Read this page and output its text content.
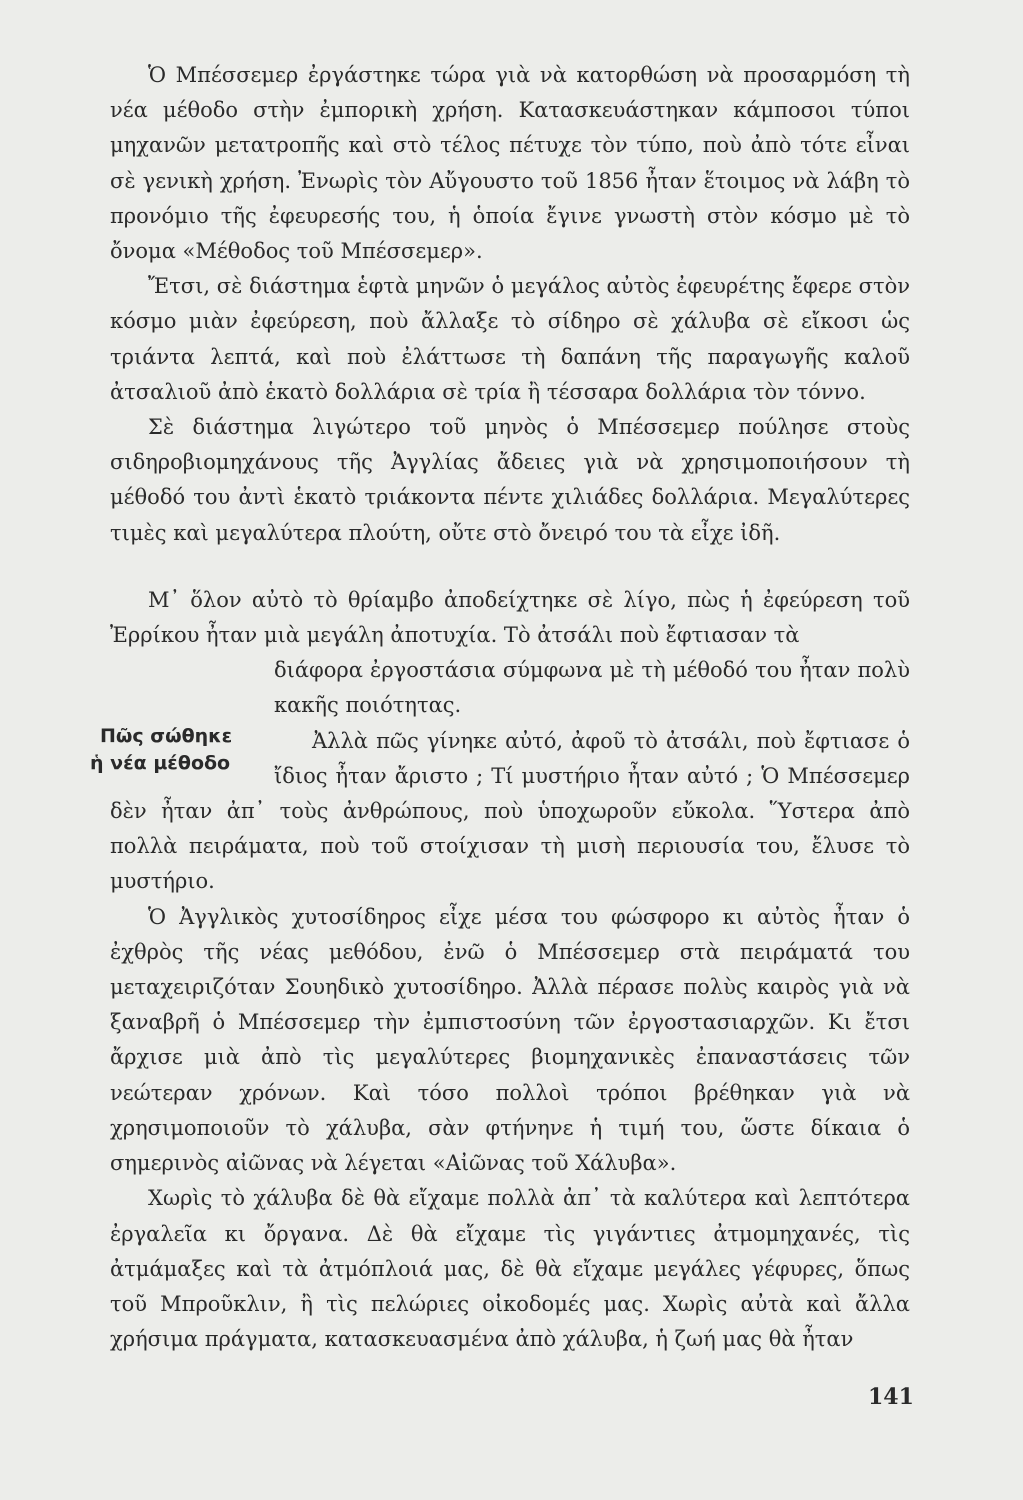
Ὁ Μπέσσεμερ ἐργάστηκε τώρα γιὰ νὰ κατορθώση νὰ προσαρμόση τὴ νέα μέθοδο στὴν ἐμπορικὴ χρήση. Κατασκευάστηκαν κάμποσοι τύποι μηχανῶν μετατροπῆς καὶ στὸ τέλος πέτυχε τὸν τύπο, ποὺ ἀπὸ τότε εἶναι σὲ γενικὴ χρήση. Ἐνωρὶς τὸν Αὔγουστο τοῦ 1856 ἦταν ἕτοιμος νὰ λάβη τὸ προνόμιο τῆς ἐφευρεσής του, ἡ ὁποία ἔγινε γνωστὴ στὸν κόσμο μὲ τὸ ὄνομα «Μέθοδος τοῦ Μπέσσεμερ».

Ἔτσι, σὲ διάστημα ἑφτὰ μηνῶν ὁ μεγάλος αὐτὸς ἐφευρέτης ἔφερε στὸν κόσμο μιὰν ἐφεύρεση, ποὺ ἄλλαξε τὸ σίδηρο σὲ χάλυβα σὲ εἴκοσι ὡς τριάντα λεπτά, καὶ ποὺ ἐλάττωσε τὴ δαπάνη τῆς παραγωγῆς καλοῦ ἀτσαλιοῦ ἀπὸ ἑκατὸ δολλάρια σὲ τρία ἢ τέσσαρα δολλάρια τὸν τόννο.

Σὲ διάστημα λιγώτερο τοῦ μηνὸς ὁ Μπέσσεμερ πούλησε στοὺς σιδηροβιομηχάνους τῆς Ἀγγλίας ἄδειες γιὰ νὰ χρησιμοποιήσουν τὴ μέθοδό του ἀντὶ ἑκατὸ τριάκοντα πέντε χιλιάδες δολλάρια. Μεγαλύτερες τιμὲς καὶ μεγαλύτερα πλούτη, οὔτε στὸ ὄνειρό του τὰ εἶχε ἰδῆ.

Μ᾿ ὅλον αὐτὸ τὸ θρίαμβο ἀποδείχτηκε σὲ λίγο, πὼς ἡ ἐφεύρεση τοῦ Ἐρρίκου ἦταν μιὰ μεγάλη ἀποτυχία. Τὸ ἀτσάλι ποὺ ἔφτιασαν τὰ

Πῶς σώθηκε
ἡ νέα μέθοδο

διάφορα ἐργοστάσια σύμφωνα μὲ τὴ μέθοδό του ἦταν πολὺ κακῆς ποιότητας.

Ἀλλὰ πῶς γίνηκε αὐτό, ἀφοῦ τὸ ἀτσάλι, ποὺ ἔφτιασε ὁ ἴδιος ἦταν ἄριστο ; Τί μυστήριο ἦταν αὐτό ; Ὁ Μπέσσεμερ δὲν ἦταν ἀπ᾿ τοὺς ἀνθρώπους, ποὺ ὑποχωροῦν εὔκολα. Ὕστερα ἀπὸ πολλὰ πειράματα, ποὺ τοῦ στοίχισαν τὴ μισὴ περιουσία του, ἔλυσε τὸ μυστήριο.

Ὁ Ἀγγλικὸς χυτοσίδηρος εἶχε μέσα του φώσφορο κι αὐτὸς ἦταν ὁ ἐχθρὸς τῆς νέας μεθόδου, ἐνῶ ὁ Μπέσσεμερ στὰ πειράματά του μεταχειριζόταν Σουηδικὸ χυτοσίδηρο. Ἀλλὰ πέρασε πολὺς καιρὸς γιὰ νὰ ξαναβρῆ ὁ Μπέσσεμερ τὴν ἐμπιστοσύνη τῶν ἐργοστασιαρχῶν. Κι ἔτσι ἄρχισε μιὰ ἀπὸ τὶς μεγαλύτερες βιομηχανικὲς ἐπαναστάσεις τῶν νεώτεραν χρόνων. Καὶ τόσο πολλοὶ τρόποι βρέθηκαν γιὰ νὰ χρησιμοποιοῦν τὸ χάλυβα, σὰν φτήνηνε ἡ τιμή του, ὥστε δίκαια ὁ σημερινὸς αἰῶνας νὰ λέγεται «Αἰῶνας τοῦ Χάλυβα».

Χωρὶς τὸ χάλυβα δὲ θὰ εἴχαμε πολλὰ ἀπ᾿ τὰ καλύτερα καὶ λεπτότερα ἐργαλεῖα κι ὄργανα. Δὲ θὰ εἴχαμε τὶς γιγάντιες ἀτμομηχανές, τὶς ἀτμάμαξες καὶ τὰ ἀτμόπλοιά μας, δὲ θὰ εἴχαμε μεγάλες γέφυρες, ὅπως τοῦ Μπροῦκλιν, ἢ τὶς πελώριες οἰκοδομές μας. Χωρὶς αὐτὰ καὶ ἄλλα χρήσιμα πράγματα, κατασκευασμένα ἀπὸ χάλυβα, ἡ ζωή μας θὰ ἦταν

141
